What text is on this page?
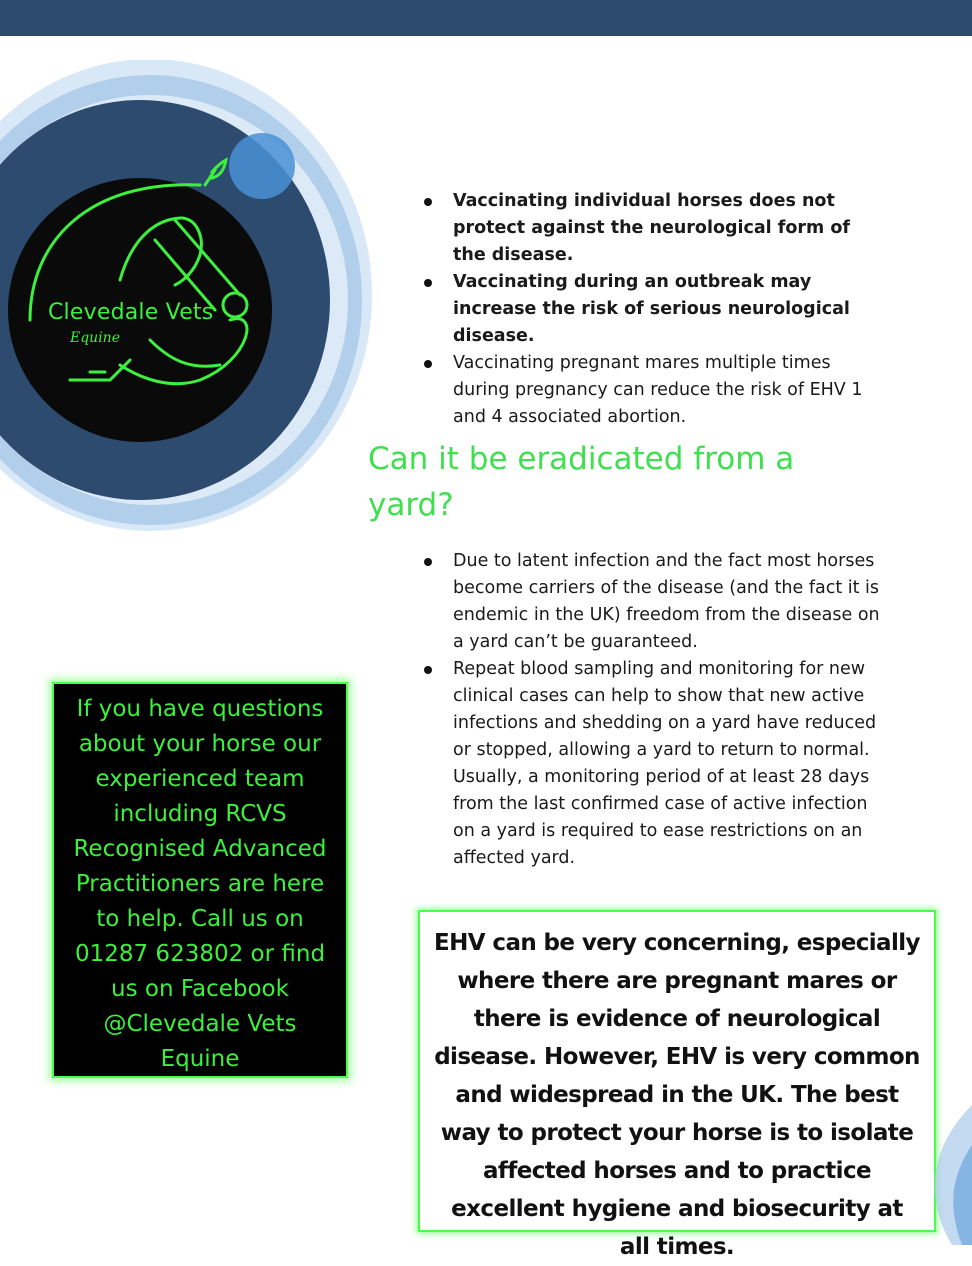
Clevedale Vets
Equine
Vaccinating individual horses does not protect against the neurological form of the disease.
Vaccinating during an outbreak may increase the risk of serious neurological disease.
Vaccinating pregnant mares multiple times during pregnancy can reduce the risk of EHV 1 and 4 associated abortion.
Can it be eradicated from a yard?
Due to latent infection and the fact most horses become carriers of the disease (and the fact it is endemic in the UK) freedom from the disease on a yard can’t be guaranteed.
Repeat blood sampling and monitoring for new clinical cases can help to show that new active infections and shedding on a yard have reduced or stopped, allowing a yard to return to normal. Usually, a monitoring period of at least 28 days from the last confirmed case of active infection on a yard is required to ease restrictions on an affected yard.
If you have questions about your horse our experienced team including RCVS Recognised Advanced Practitioners are here to help. Call us on 01287 623802 or find us on Facebook @Clevedale Vets Equine
EHV can be very concerning, especially where there are pregnant mares or there is evidence of neurological disease. However, EHV is very common and widespread in the UK. The best way to protect your horse is to isolate affected horses and to practice excellent hygiene and biosecurity at all times.
